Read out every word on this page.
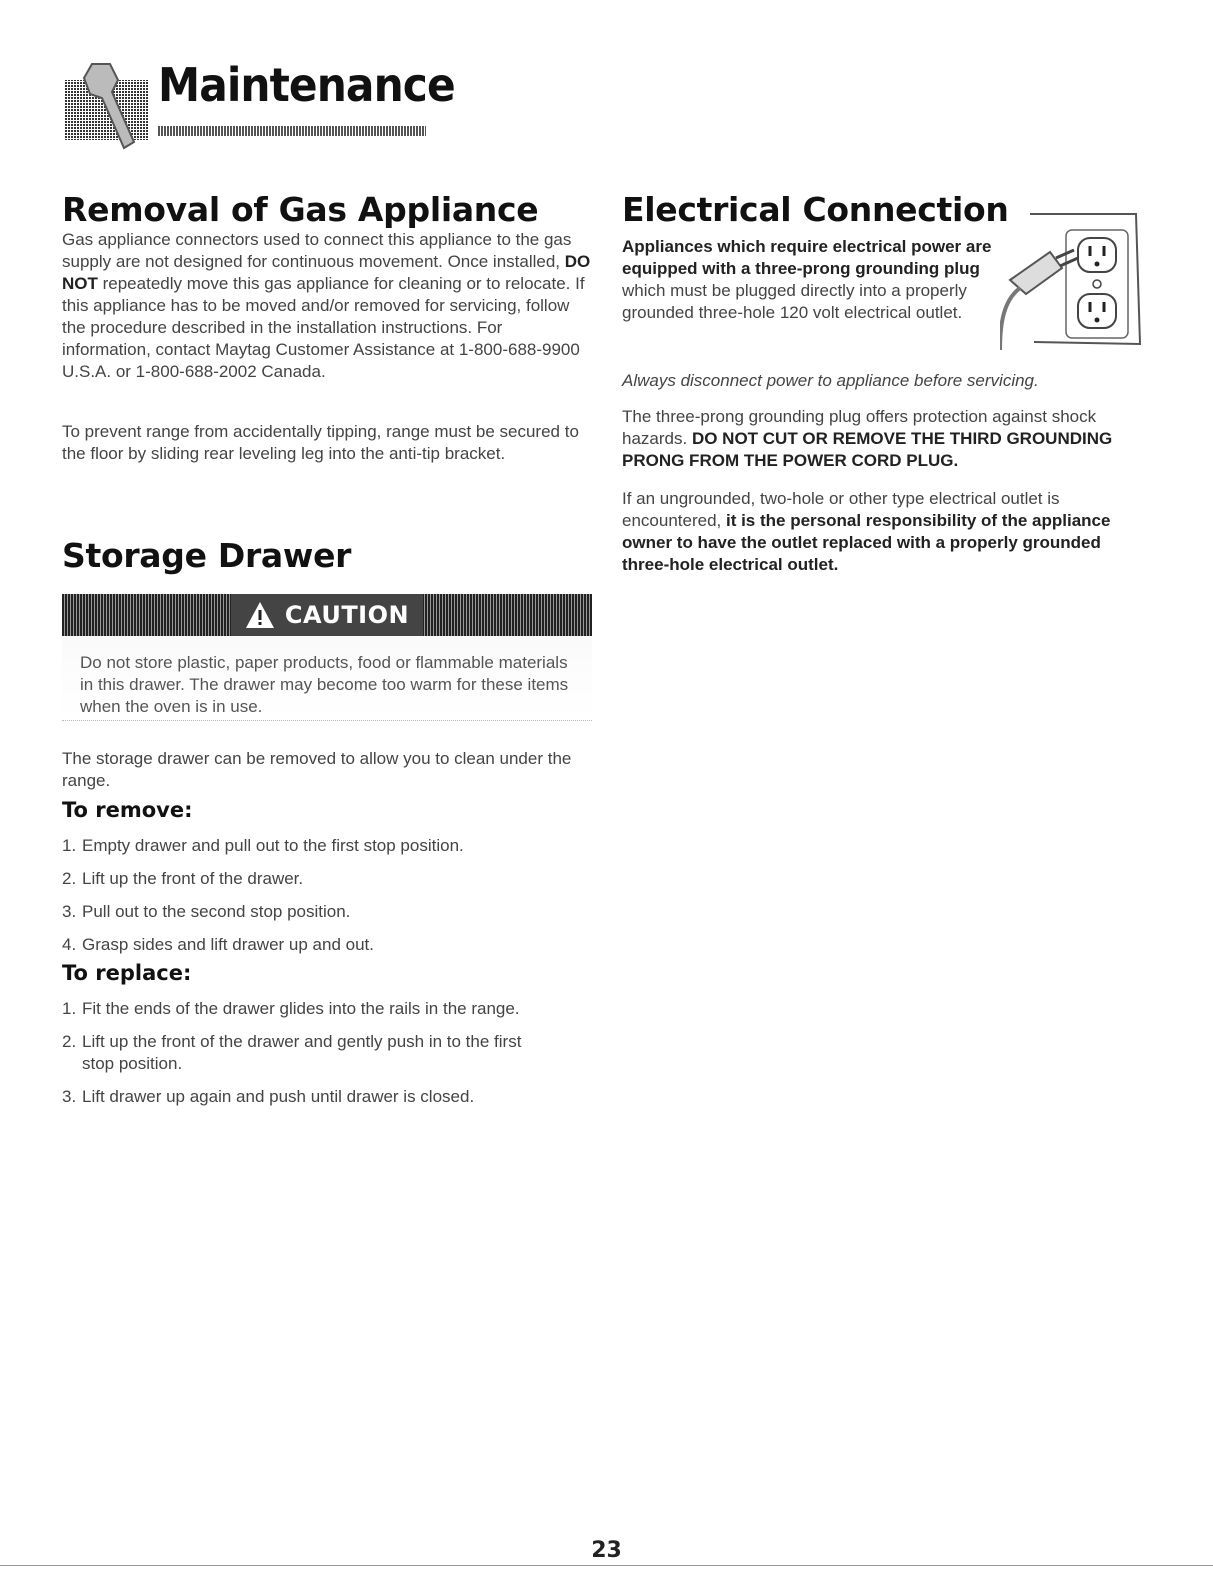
Maintenance
Removal of Gas Appliance

Gas appliance connectors used to connect this appliance to the gas supply are not designed for continuous movement. Once installed, DO NOT repeatedly move this gas appliance for cleaning or to relocate. If this appliance has to be moved and/or removed for servicing, follow the procedure described in the installation instructions. For information, contact Maytag Customer Assistance at 1-800-688-9900 U.S.A. or 1-800-688-2002 Canada.

To prevent range from accidentally tipping, range must be secured to the floor by sliding rear leveling leg into the anti-tip bracket.

Storage Drawer
CAUTION

Do not store plastic, paper products, food or flammable materials in this drawer. The drawer may become too warm for these items when the oven is in use.

The storage drawer can be removed to allow you to clean under the range.

To remove:
1. Empty drawer and pull out to the first stop position.
2. Lift up the front of the drawer.
3. Pull out to the second stop position.
4. Grasp sides and lift drawer up and out.
To replace:
1. Fit the ends of the drawer glides into the rails in the range.
2. Lift up the front of the drawer and gently push in to the first stop position.
3. Lift drawer up again and push until drawer is closed.
Electrical Connection

Appliances which require electrical power are equipped with a three-prong grounding plug which must be plugged directly into a properly grounded three-hole 120 volt electrical outlet.

Always disconnect power to appliance before servicing.

The three-prong grounding plug offers protection against shock hazards. DO NOT CUT OR REMOVE THE THIRD GROUNDING PRONG FROM THE POWER CORD PLUG.

If an ungrounded, two-hole or other type electrical outlet is encountered, it is the personal responsibility of the appliance owner to have the outlet replaced with a properly grounded three-hole electrical outlet.

23
